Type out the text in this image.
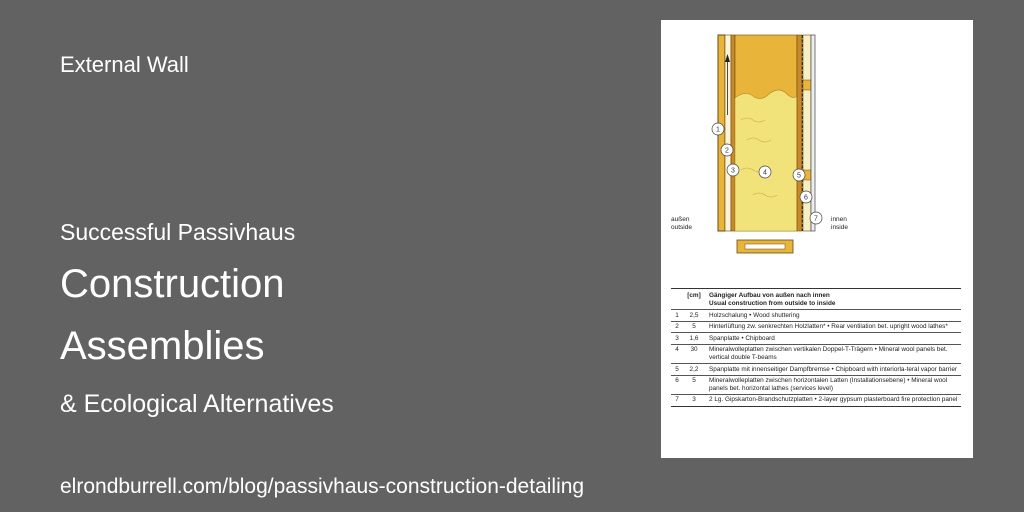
External Wall
Successful Passivhaus
Construction
Assemblies
& Ecological Alternatives
elrondburrell.com/blog/passivhaus-construction-detailing
1
2
3	4	5
6
7
außen
outside
innen
inside
[cm]	Gängiger Aufbau von außen nach innen
Usual construction from outside to inside
1	2,5	Holzschalung • Wood shuttering
2	5	Hinterlüftung zw. senkrechten Holzlatten* • Rear ventilation bet. upright wood lathes*
3	1,6	Spanplatte • Chipboard
4	30	Mineralwolleplatten zwischen vertikalen Doppel-T-Trägern • Mineral wool panels bet. vertical double T-beams
5	2,2	Spanplatte mit innenseitiger Dampfbremse • Chipboard with interiorla-teral vapor barrier
6	5	Mineralwolleplatten zwischen horizontalen Latten (Installationsebene) • Mineral wool panels bet. horizontal lathes (services level)
7	3	2 Lg. Gipskarton-Brandschutzplatten • 2-layer gypsum plasterboard fire protection panel
